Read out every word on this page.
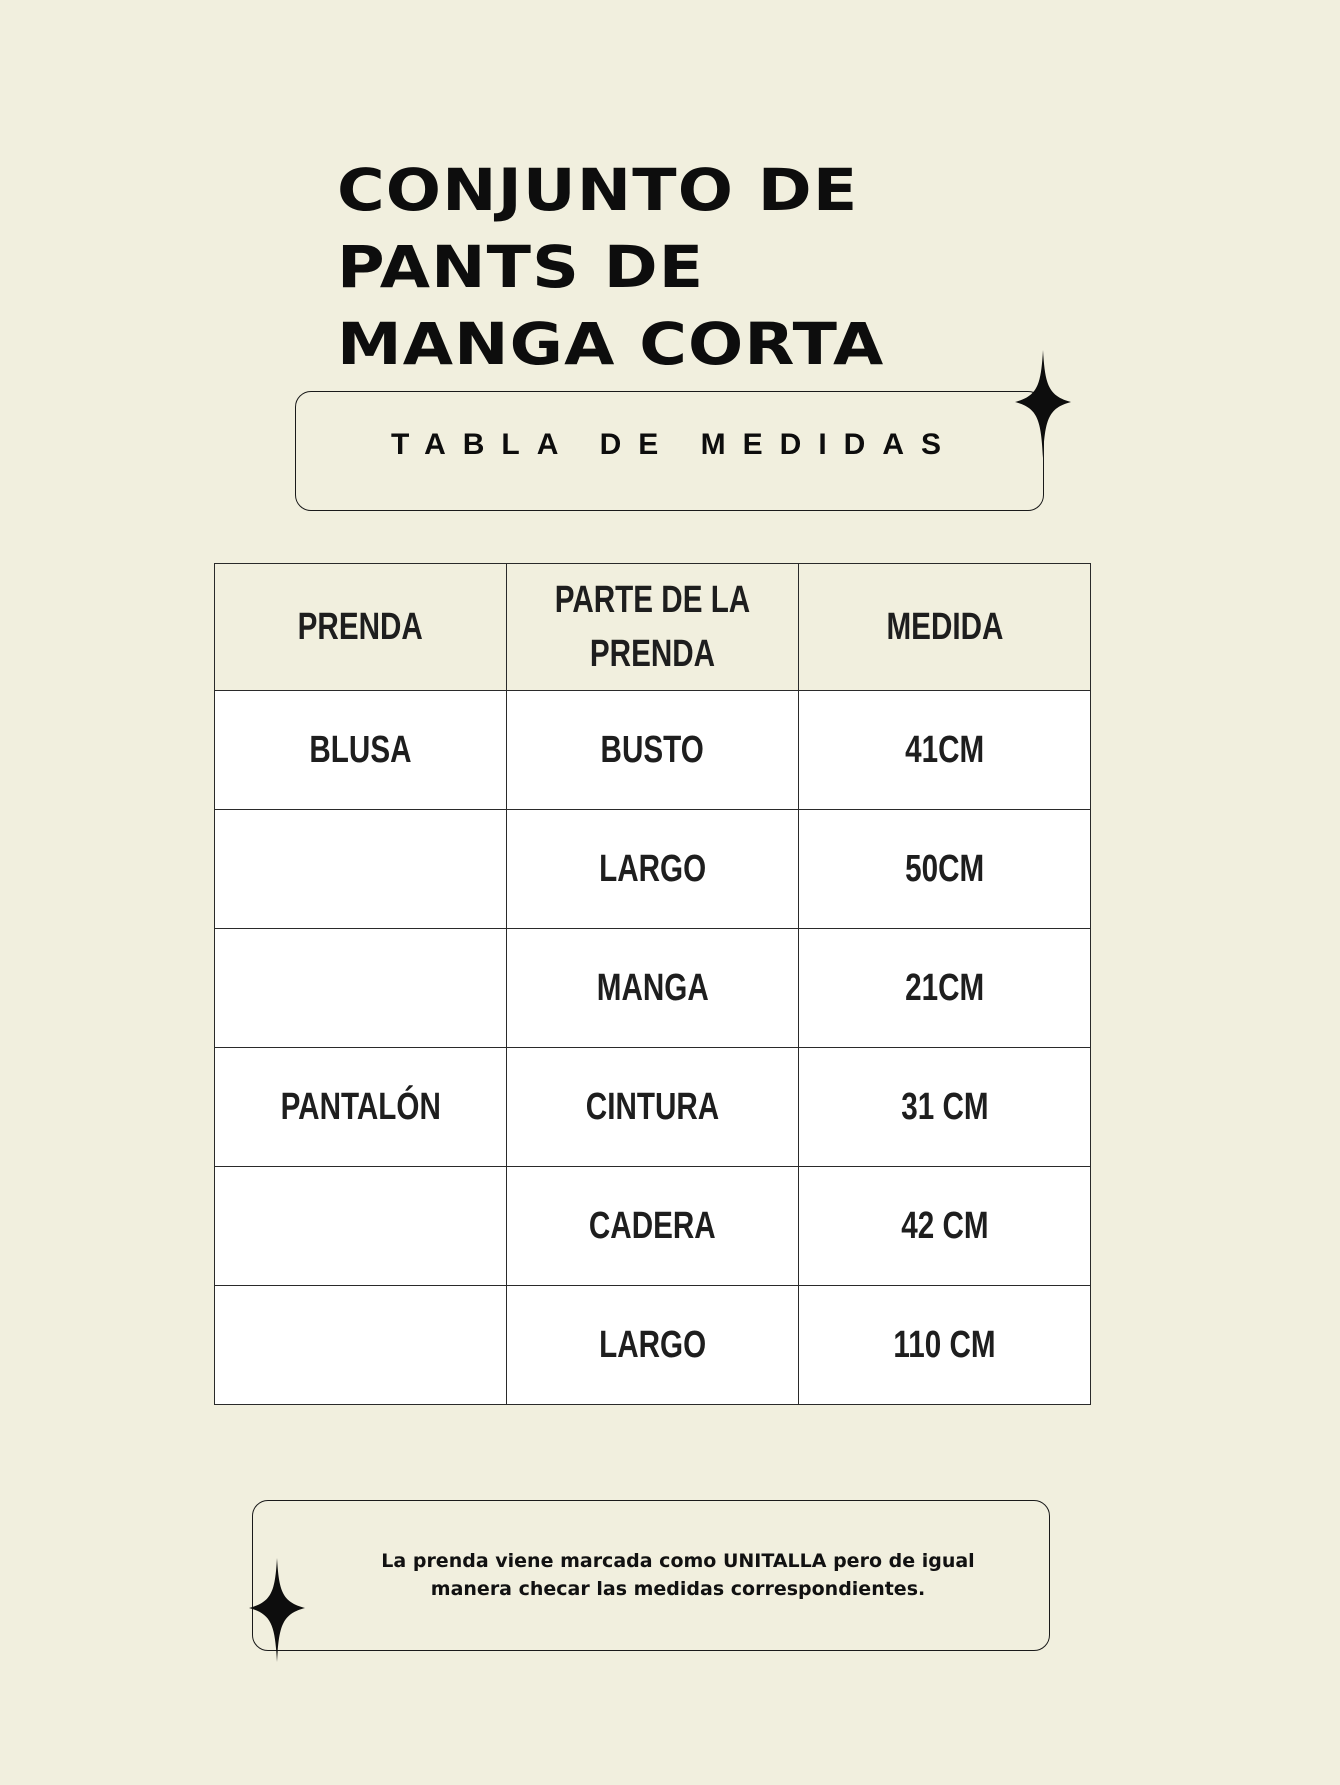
CONJUNTO DE
PANTS DE
MANGA CORTA
TABLA DE MEDIDAS
PRENDA	PARTE DE LA PRENDA	MEDIDA
BLUSA	BUSTO	41CM
	LARGO	50CM
	MANGA	21CM
PANTALÓN	CINTURA	31 CM
	CADERA	42 CM
	LARGO	110 CM

La prenda viene marcada como UNITALLA pero de igual manera checar las medidas correspondientes.
